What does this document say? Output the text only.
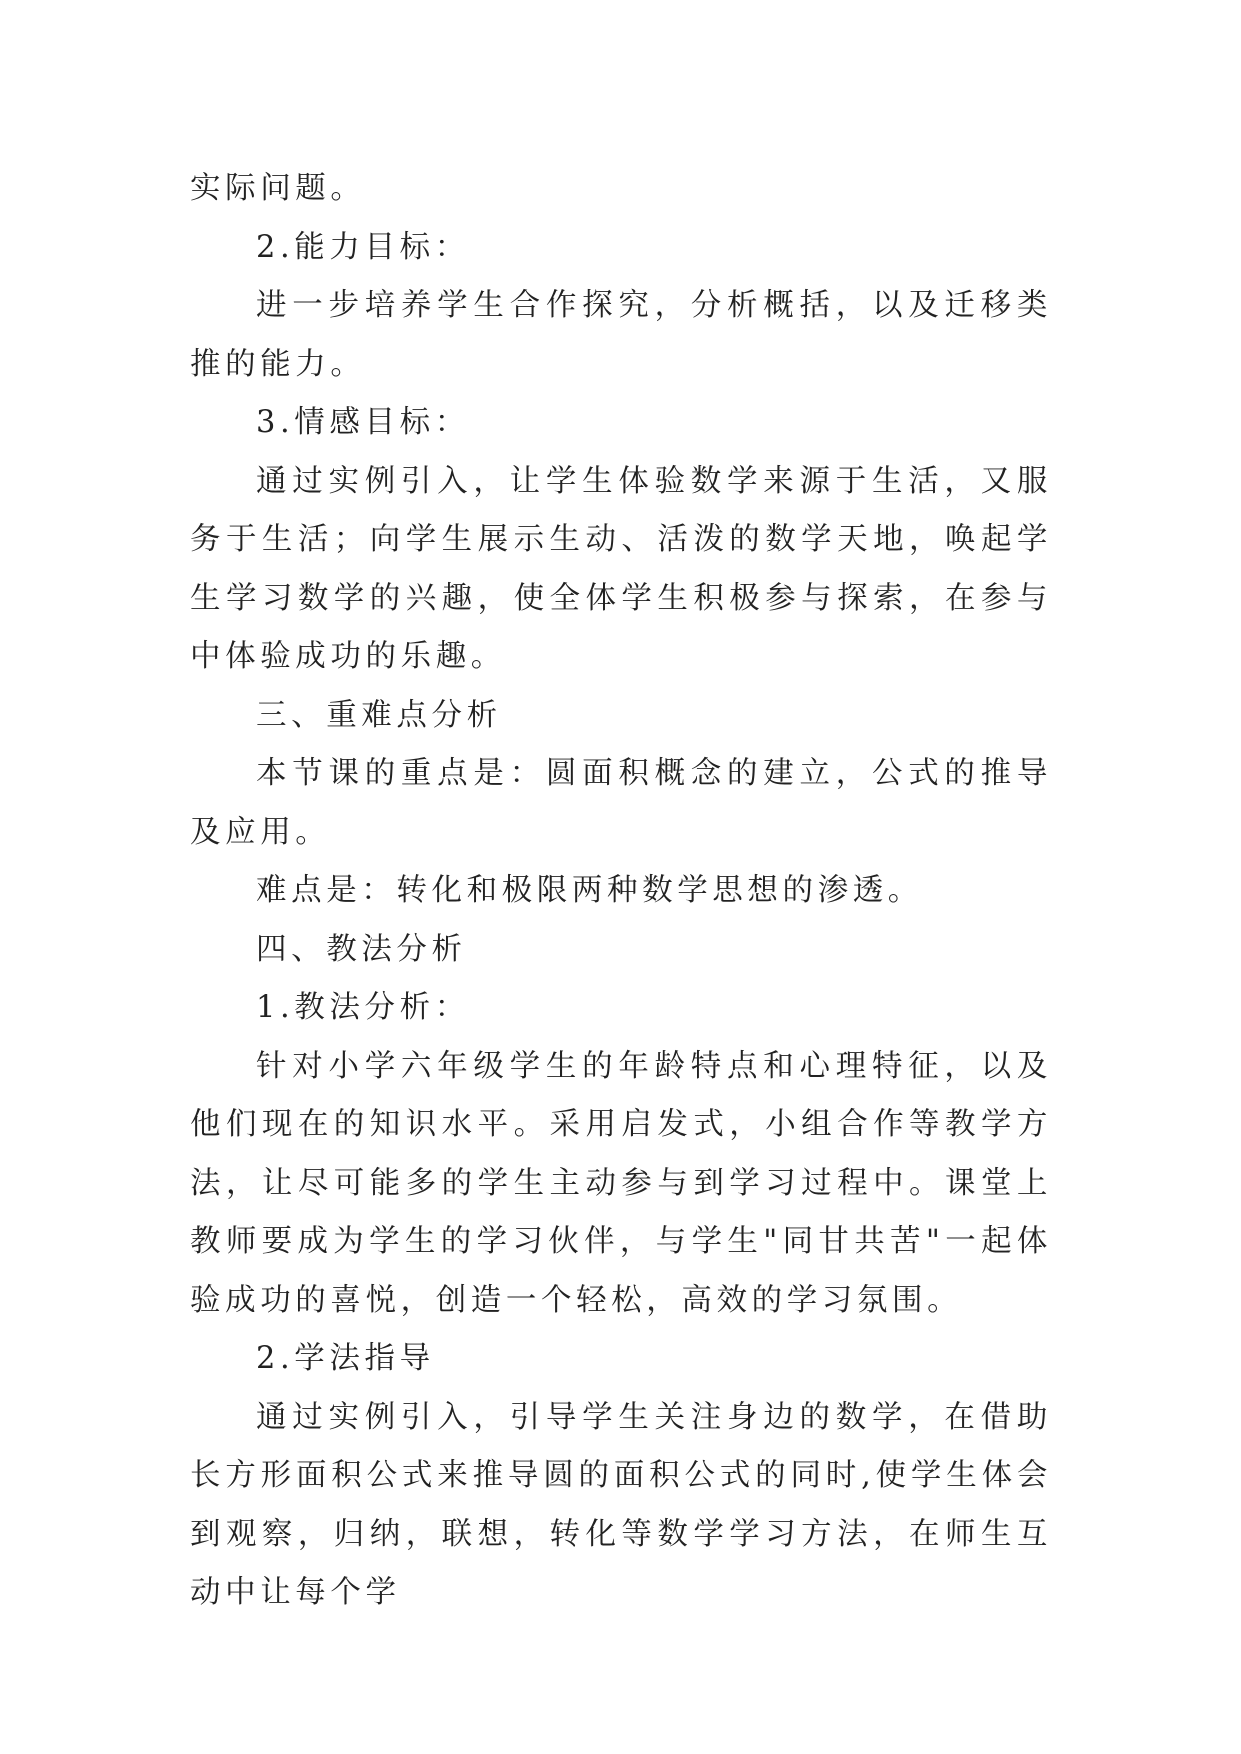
实际问题。

2.能力目标：

进一步培养学生合作探究，分析概括，以及迁移类推的能力。

3.情感目标：

通过实例引入，让学生体验数学来源于生活，又服务于生活；向学生展示生动、活泼的数学天地，唤起学生学习数学的兴趣，使全体学生积极参与探索，在参与中体验成功的乐趣。

三、重难点分析

本节课的重点是：圆面积概念的建立，公式的推导及应用。

难点是：转化和极限两种数学思想的渗透。

四、教法分析

1.教法分析：

针对小学六年级学生的年龄特点和心理特征，以及他们现在的知识水平。采用启发式，小组合作等教学方法，让尽可能多的学生主动参与到学习过程中。课堂上教师要成为学生的学习伙伴，与学生"同甘共苦"一起体验成功的喜悦，创造一个轻松，高效的学习氛围。

2.学法指导

通过实例引入，引导学生关注身边的数学，在借助长方形面积公式来推导圆的面积公式的同时,使学生体会到观察，归纳，联想，转化等数学学习方法，在师生互动中让每个学
